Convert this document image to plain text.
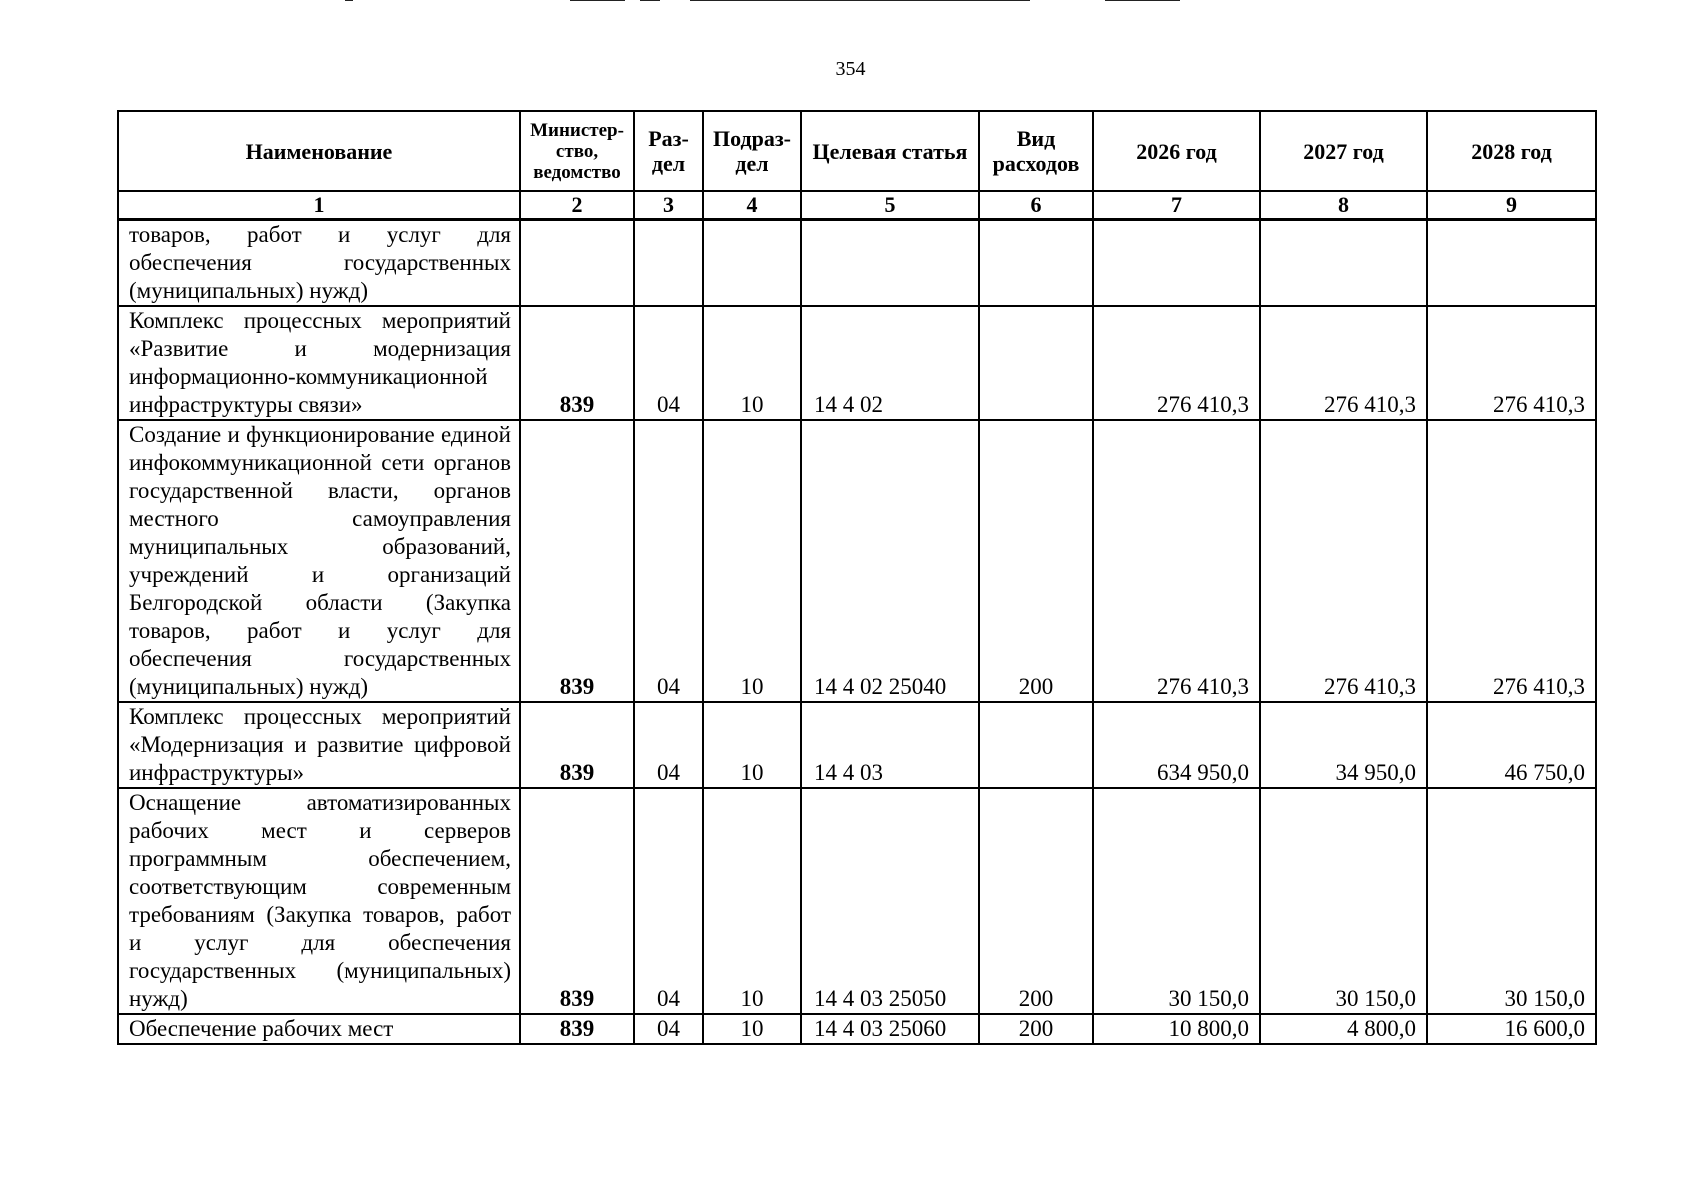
354
Наименование	Министер-ство, ведомство	Раз-дел	Подраз-дел	Целевая статья	Вид расходов	2026 год	2027 год	2028 год
1	2	3	4	5	6	7	8	9
товаров, работ и услуг для обеспечения государственных (муниципальных) нужд)								
Комплекс процессных мероприятий «Развитие и модернизация информационно-коммуникационной инфраструктуры связи»	839	04	10	14 4 02		276 410,3	276 410,3	276 410,3
Создание и функционирование единой инфокоммуникационной сети органов государственной власти, органов местного самоуправления муниципальных образований, учреждений и организаций Белгородской области (Закупка товаров, работ и услуг для обеспечения государственных (муниципальных) нужд)	839	04	10	14 4 02 25040	200	276 410,3	276 410,3	276 410,3
Комплекс процессных мероприятий «Модернизация и развитие цифровой инфраструктуры»	839	04	10	14 4 03		634 950,0	34 950,0	46 750,0
Оснащение автоматизированных рабочих мест и серверов программным обеспечением, соответствующим современным требованиям (Закупка товаров, работ и услуг для обеспечения государственных (муниципальных) нужд)	839	04	10	14 4 03 25050	200	30 150,0	30 150,0	30 150,0
Обеспечение рабочих мест	839	04	10	14 4 03 25060	200	10 800,0	4 800,0	16 600,0
